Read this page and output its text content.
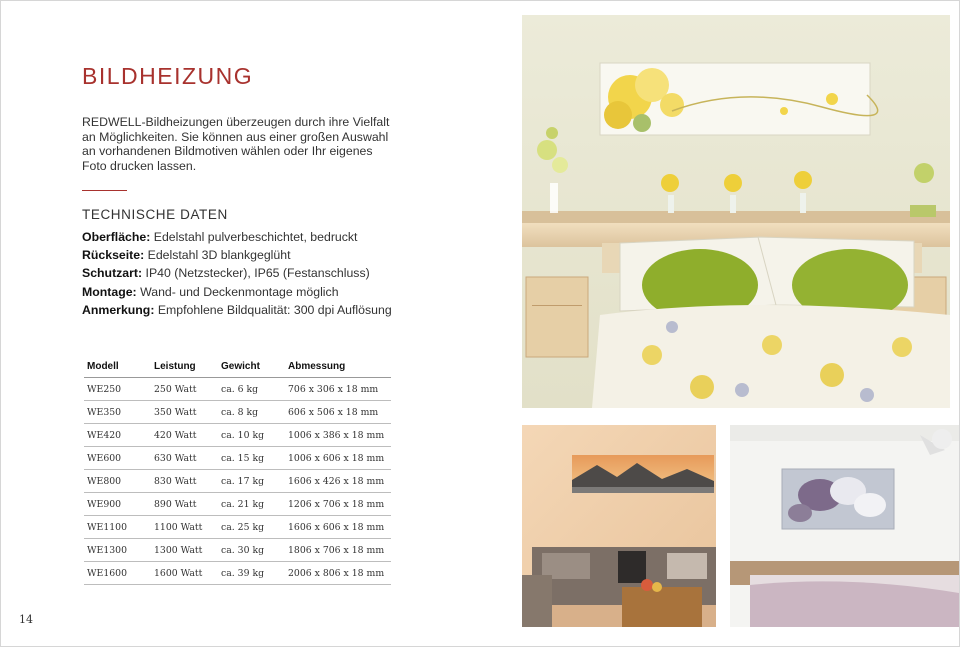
BILDHEIZUNG
REDWELL-Bildheizungen überzeugen durch ihre Vielfalt
an Möglichkeiten. Sie können aus einer großen Auswahl
an vorhandenen Bildmotiven wählen oder Ihr eigenes
Foto drucken lassen.
TECHNISCHE DATEN
Oberfläche: Edelstahl pulverbeschichtet, bedruckt
Rückseite: Edelstahl 3D blankgeglüht
Schutzart: IP40 (Netzstecker), IP65 (Festanschluss)
Montage: Wand- und Deckenmontage möglich
Anmerkung: Empfohlene Bildqualität: 300 dpi Auflösung
Modell	Leistung	Gewicht	Abmessung
WE250	250 Watt	ca. 6 kg	706 x 306 x 18 mm
WE350	350 Watt	ca. 8 kg	606 x 506 x 18 mm
WE420	420 Watt	ca. 10 kg	1006 x 386 x 18 mm
WE600	630 Watt	ca. 15 kg	1006 x 606 x 18 mm
WE800	830 Watt	ca. 17 kg	1606 x 426 x 18 mm
WE900	890 Watt	ca. 21 kg	1206 x 706 x 18 mm
WE1100	1100 Watt	ca. 25 kg	1606 x 606 x 18 mm
WE1300	1300 Watt	ca. 30 kg	1806 x 706 x 18 mm
WE1600	1600 Watt	ca. 39 kg	2006 x 806 x 18 mm
14
